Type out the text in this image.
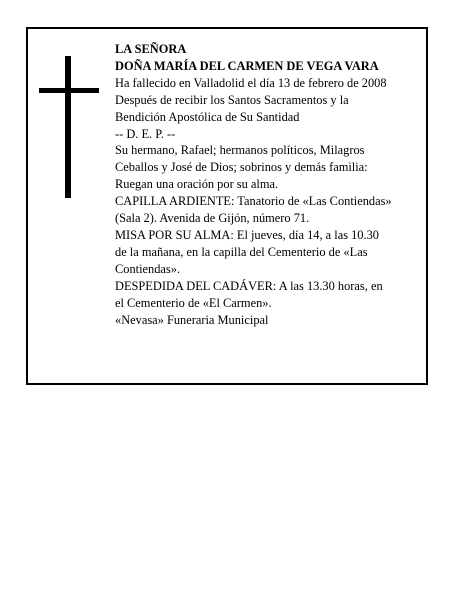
LA SEÑORA
DOÑA MARÍA DEL CARMEN DE VEGA VARA
Ha fallecido en Valladolid el día 13 de febrero de 2008
Después de recibir los Santos Sacramentos y la
Bendición Apostólica de Su Santidad
-- D. E. P. --
Su hermano, Rafael; hermanos políticos, Milagros
Ceballos y José de Dios; sobrinos y demás familia:
Ruegan una oración por su alma.
CAPILLA ARDIENTE: Tanatorio de «Las Contiendas»
(Sala 2). Avenida de Gijón, número 71.
MISA POR SU ALMA: El jueves, día 14, a las 10.30
de la mañana, en la capilla del Cementerio de «Las
Contiendas».
DESPEDIDA DEL CADÁVER: A las 13.30 horas, en
el Cementerio de «El Carmen».
«Nevasa» Funeraria Municipal
